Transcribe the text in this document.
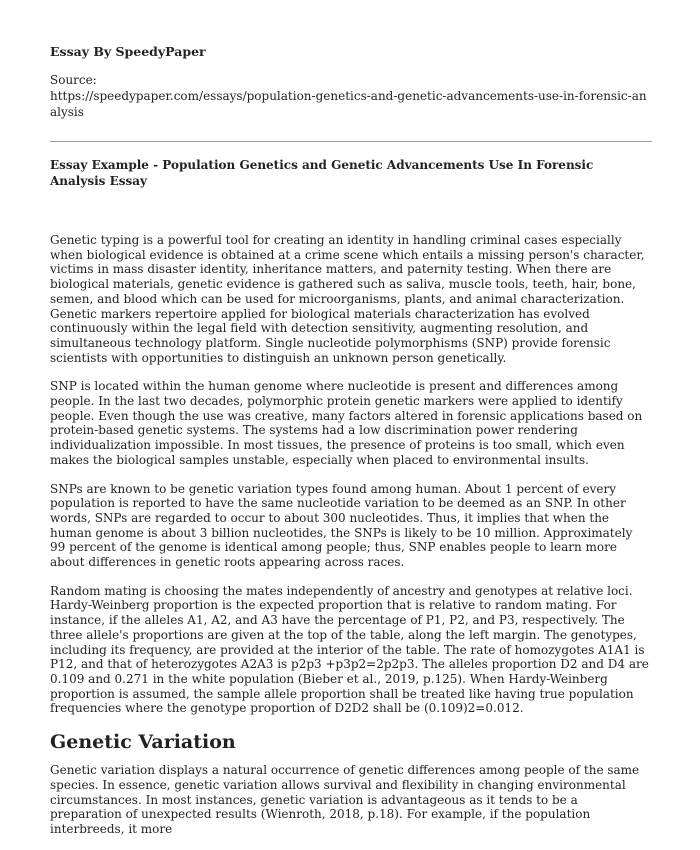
Essay By SpeedyPaper
Source:
https://speedypaper.com/essays/population-genetics-and-genetic-advancements-use-in-forensic-analysis
Essay Example - Population Genetics and Genetic Advancements Use In Forensic Analysis Essay

Genetic typing is a powerful tool for creating an identity in handling criminal cases especially when biological evidence is obtained at a crime scene which entails a missing person's character, victims in mass disaster identity, inheritance matters, and paternity testing. When there are biological materials, genetic evidence is gathered such as saliva, muscle tools, teeth, hair, bone, semen, and blood which can be used for microorganisms, plants, and animal characterization. Genetic markers repertoire applied for biological materials characterization has evolved continuously within the legal field with detection sensitivity, augmenting resolution, and simultaneous technology platform. Single nucleotide polymorphisms (SNP) provide forensic scientists with opportunities to distinguish an unknown person genetically.

SNP is located within the human genome where nucleotide is present and differences among people. In the last two decades, polymorphic protein genetic markers were applied to identify people. Even though the use was creative, many factors altered in forensic applications based on protein-based genetic systems. The systems had a low discrimination power rendering individualization impossible. In most tissues, the presence of proteins is too small, which even makes the biological samples unstable, especially when placed to environmental insults.

SNPs are known to be genetic variation types found among human. About 1 percent of every population is reported to have the same nucleotide variation to be deemed as an SNP. In other words, SNPs are regarded to occur to about 300 nucleotides. Thus, it implies that when the human genome is about 3 billion nucleotides, the SNPs is likely to be 10 million. Approximately 99 percent of the genome is identical among people; thus, SNP enables people to learn more about differences in genetic roots appearing across races.

Random mating is choosing the mates independently of ancestry and genotypes at relative loci. Hardy-Weinberg proportion is the expected proportion that is relative to random mating. For instance, if the alleles A1, A2, and A3 have the percentage of P1, P2, and P3, respectively. The three allele's proportions are given at the top of the table, along the left margin. The genotypes, including its frequency, are provided at the interior of the table. The rate of homozygotes A1A1 is P12, and that of heterozygotes A2A3 is p2p3 +p3p2=2p2p3. The alleles proportion D2 and D4 are 0.109 and 0.271 in the white population (Bieber et al., 2019, p.125). When Hardy-Weinberg proportion is assumed, the sample allele proportion shall be treated like having true population frequencies where the genotype proportion of D2D2 shall be (0.109)2=0.012.

Genetic Variation

Genetic variation displays a natural occurrence of genetic differences among people of the same species. In essence, genetic variation allows survival and flexibility in changing environmental circumstances. In most instances, genetic variation is advantageous as it tends to be a preparation of unexpected results (Wienroth, 2018, p.18). For example, if the population interbreeds, it more
